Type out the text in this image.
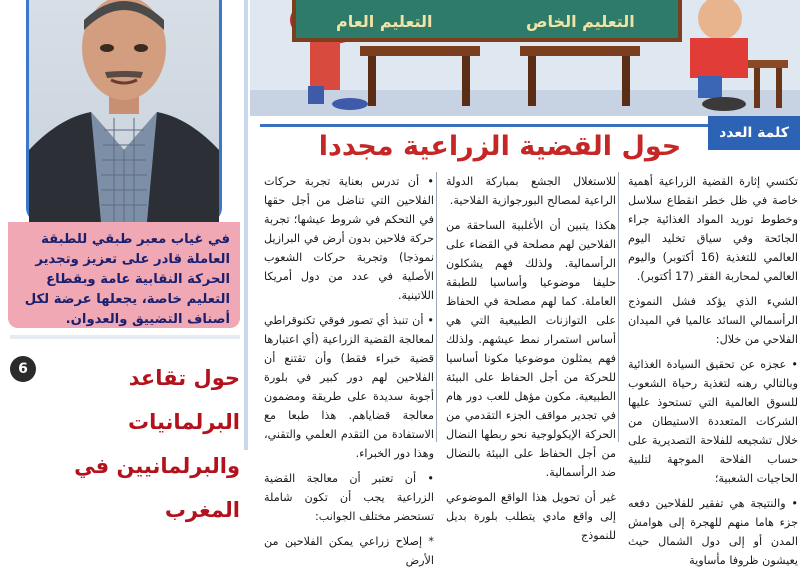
في غياب معبر طبقي للطبقة العاملة قادر على تعزيز وتجدير الحركة النقابية عامة وبقطاع التعليم خاصة، يجعلها عرضة لكل أصناف التضييق والعدوان.

6	حول تقاعد البرلمانيات والبرلمانيين في المغرب
التعليم العام	التعليم الخاص
كلمة العدد
حول القضية الزراعية مجددا

تكتسي إثارة القضية الزراعية أهمية خاصة في ظل خطر انقطاع سلاسل وخطوط توريد المواد الغذائية جراء الجائحة وفي سياق تخليد اليوم العالمي للتغذية (16 أكتوبر) واليوم العالمي لمحاربة الفقر (17 أكتوبر).

الشيء الذي يؤكد فشل النموذج الرأسمالي السائد عالميا في الميدان الفلاحي من خلال:

• عجزه عن تحقيق السيادة الغذائية وبالتالي رهنه لتغذية رحياة الشعوب للسوق العالمية التي تستحوذ عليها الشركات المتعددة الاستيطان من خلال تشجيعه للفلاحة التصديرية على حساب الفلاحة الموجهة لتلبية الحاجيات الشعبية؛

• والنتيجة هي تفقير للفلاحين دفعه جزء هاما منهم للهجرة إلى هوامش المدن أو إلى دول الشمال حيث يعيشون ظروفا مأساوية

للاستغلال الجشع بمباركة الدولة الراعية لمصالح البورجوازية الفلاحية.

هكذا يتبين أن الأغلبية الساحقة من الفلاحين لهم مصلحة في القضاء على الرأسمالية. ولذلك فهم يشكلون حليفا موضوعيا وأساسيا للطبقة العاملة. كما لهم مصلحة في الحفاظ على التوازنات الطبيعية التي هي أساس استمرار نمط عيشهم. ولذلك فهم يمثلون موضوعيا مكونا أساسيا للحركة من أجل الحفاظ على البيئة الطبيعية. مكون مؤهل للعب دور هام في تجدير مواقف الجزء التقدمي من الحركة الإيكولوجية نحو ربطها النضال من أجل الحفاظ على البيئة بالنضال ضد الرأسمالية.

غير أن تحويل هذا الواقع الموضوعي إلى واقع مادي يتطلب بلورة بديل للنموذج

• أن تدرس بعناية تجربة حركات الفلاحين التي تناضل من أجل حقها في التحكم في شروط عيشها؛ تجربة حركة فلاحين بدون أرض في البرازيل نموذجا) وتجربة حركات الشعوب الأصلية في عدد من دول أمريكا اللاتينية.

• أن تنبذ أي تصور فوقي تكنوقراطي لمعالجة القضية الزراعية (أي اعتبارها قضية خبراء فقط) وأن تقتنع أن الفلاحين لهم دور كبير في بلورة أجوبة سديدة على طريقة ومضمون معالجة قضاياهم. هذا طبعا مع الاستفادة من التقدم العلمي والتقني، وهذا دور الخبراء.

• أن تعتبر أن معالجة القضية الزراعية يجب أن تكون شاملة تستحضر مختلف الجوانب:

* إصلاح زراعي يمكن الفلاحين من الأرض
